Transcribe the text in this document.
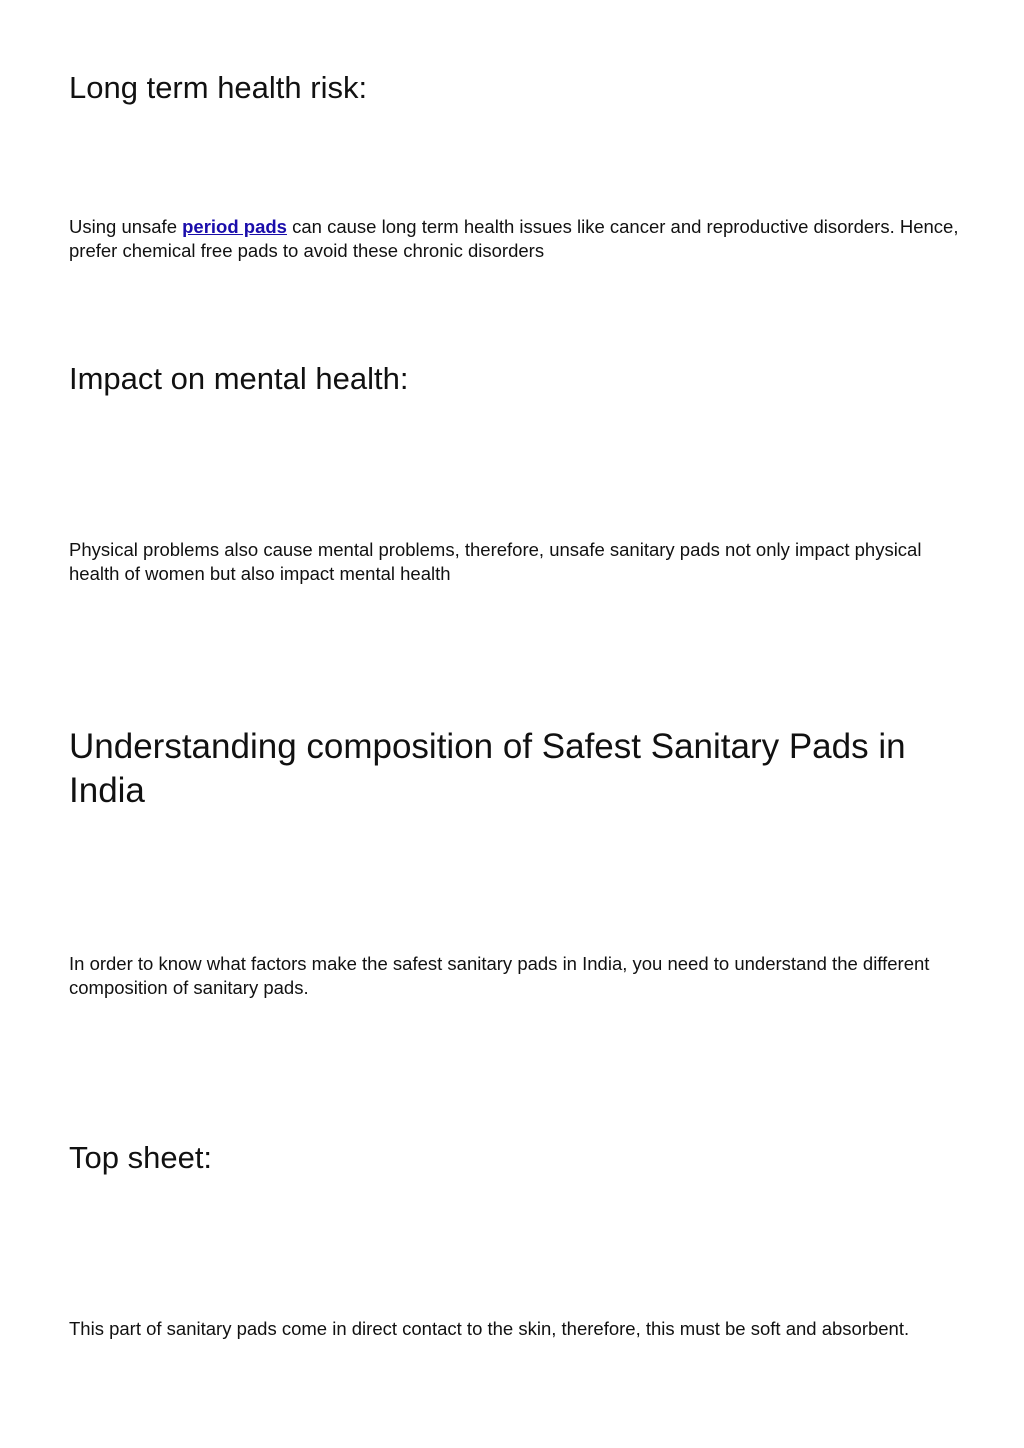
Long term health risk:

Using unsafe period pads can cause long term health issues like cancer and reproductive disorders. Hence, prefer chemical free pads to avoid these chronic disorders

Impact on mental health:

Physical problems also cause mental problems, therefore, unsafe sanitary pads not only impact physical health of women but also impact mental health

Understanding composition of Safest Sanitary Pads in India

In order to know what factors make the safest sanitary pads in India, you need to understand the different composition of sanitary pads.

Top sheet:

This part of sanitary pads come in direct contact to the skin, therefore, this must be soft and absorbent.
